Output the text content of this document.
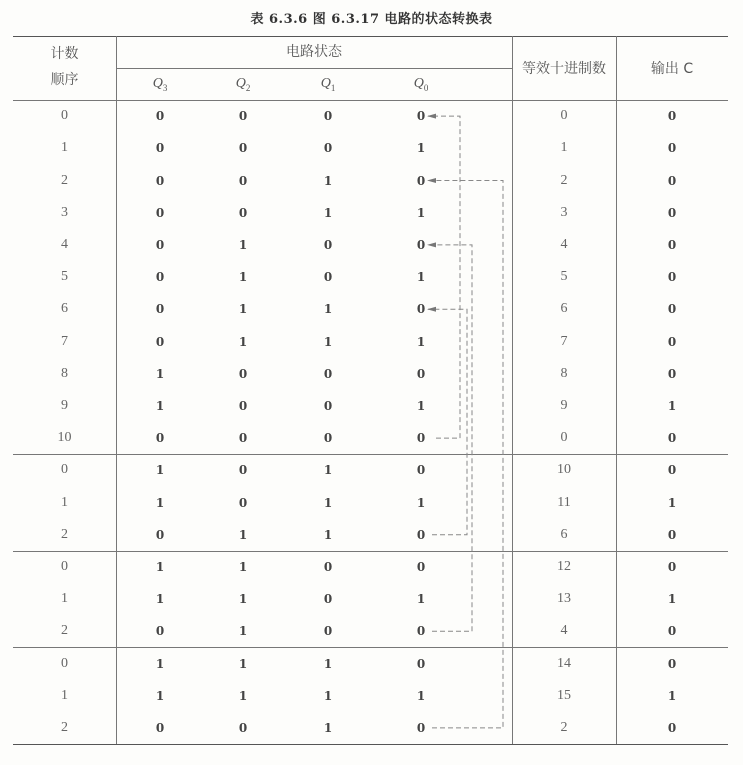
表 6.3.6 图 6.3.17 电路的状态转换表
计数
顺序
电路状态
等效十进制数	输出 C
$Q_3$	$Q_2$	$Q_1$	$Q_0$
0	0	0	0	0	0	0
1	0	0	0	1	1	0
2	0	0	1	0	2	0
3	0	0	1	1	3	0
4	0	1	0	0	4	0
5	0	1	0	1	5	0
6	0	1	1	0	6	0
7	0	1	1	1	7	0
8	1	0	0	0	8	0
9	1	0	0	1	9	1
10	0	0	0	0	0	0
0	1	0	1	0	10	0
1	1	0	1	1	11	1
2	0	1	1	0	6	0
0	1	1	0	0	12	0
1	1	1	0	1	13	1
2	0	1	0	0	4	0
0	1	1	1	0	14	0
1	1	1	1	1	15	1
2	0	0	1	0	2	0
